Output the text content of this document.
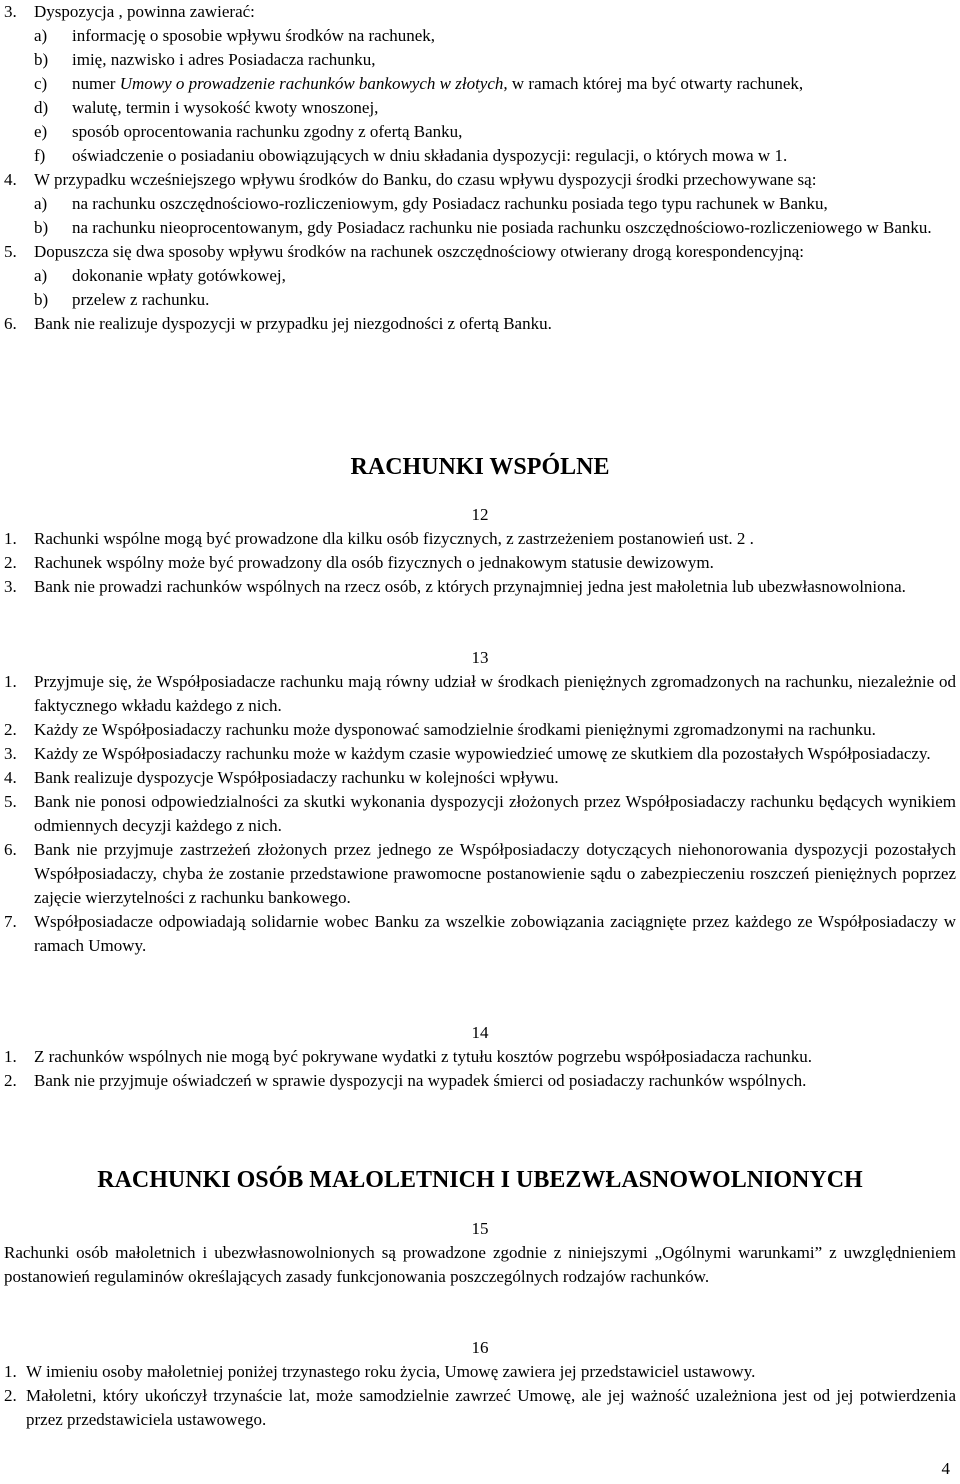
3. Dyspozycja , powinna zawierać:

a) informację o sposobie wpływu środków na rachunek,

b) imię, nazwisko i adres Posiadacza rachunku,

c) numer Umowy o prowadzenie rachunków bankowych w złotych, w ramach której ma być otwarty rachunek,

d) walutę, termin i wysokość kwoty wnoszonej,

e) sposób oprocentowania rachunku zgodny z ofertą Banku,

f) oświadczenie o posiadaniu obowiązujących w dniu składania dyspozycji: regulacji, o których mowa w 1.

4. W przypadku wcześniejszego wpływu środków do Banku, do czasu wpływu dyspozycji środki przechowywane są:

a) na rachunku oszczędnościowo-rozliczeniowym, gdy Posiadacz rachunku posiada tego typu rachunek w Banku,

b) na rachunku nieoprocentowanym, gdy Posiadacz rachunku nie posiada rachunku oszczędnościowo-rozliczeniowego w Banku.

5. Dopuszcza się dwa sposoby wpływu środków na rachunek oszczędnościowy otwierany drogą korespondencyjną:

a) dokonanie wpłaty gotówkowej,

b) przelew z rachunku.

6. Bank nie realizuje dyspozycji w przypadku jej niezgodności z ofertą Banku.

RACHUNKI WSPÓLNE

12

1. Rachunki wspólne mogą być prowadzone dla kilku osób fizycznych, z zastrzeżeniem postanowień ust. 2 .

2. Rachunek wspólny może być prowadzony dla osób fizycznych o jednakowym statusie dewizowym.

3. Bank nie prowadzi rachunków wspólnych na rzecz osób, z których przynajmniej jedna jest małoletnia lub ubezwłasnowolniona.

13

1. Przyjmuje się, że Współposiadacze rachunku mają równy udział w środkach pieniężnych zgromadzonych na rachunku, niezależnie od faktycznego wkładu każdego z nich.

2. Każdy ze Współposiadaczy rachunku może dysponować samodzielnie środkami pieniężnymi zgromadzonymi na rachunku.

3. Każdy ze Współposiadaczy rachunku może w każdym czasie wypowiedzieć umowę ze skutkiem dla pozostałych Współposiadaczy.

4. Bank realizuje dyspozycje Współposiadaczy rachunku w kolejności wpływu.

5. Bank nie ponosi odpowiedzialności za skutki wykonania dyspozycji złożonych przez Współposiadaczy rachunku będących wynikiem odmiennych decyzji każdego z nich.

6. Bank nie przyjmuje zastrzeżeń złożonych przez jednego ze Współposiadaczy dotyczących niehonorowania dyspozycji pozostałych Współposiadaczy, chyba że zostanie przedstawione prawomocne postanowienie sądu o zabezpieczeniu roszczeń pieniężnych poprzez zajęcie wierzytelności z rachunku bankowego.

7. Współposiadacze odpowiadają solidarnie wobec Banku za wszelkie zobowiązania zaciągnięte przez każdego ze Współposiadaczy w ramach Umowy.

14

1. Z rachunków wspólnych nie mogą być pokrywane wydatki z tytułu kosztów pogrzebu współposiadacza rachunku.

2. Bank nie przyjmuje oświadczeń w sprawie dyspozycji na wypadek śmierci od posiadaczy rachunków wspólnych.

RACHUNKI OSÓB MAŁOLETNICH I UBEZWŁASNOWOLNIONYCH

15

Rachunki osób małoletnich i ubezwłasnowolnionych są prowadzone zgodnie z niniejszymi „Ogólnymi warunkami” z uwzględnieniem postanowień regulaminów określających zasady funkcjonowania poszczególnych rodzajów rachunków.

16

1. W imieniu osoby małoletniej poniżej trzynastego roku życia, Umowę zawiera jej przedstawiciel ustawowy.

2. Małoletni, który ukończył trzynaście lat, może samodzielnie zawrzeć Umowę, ale jej ważność uzależniona jest od jej potwierdzenia przez przedstawiciela ustawowego.

4
